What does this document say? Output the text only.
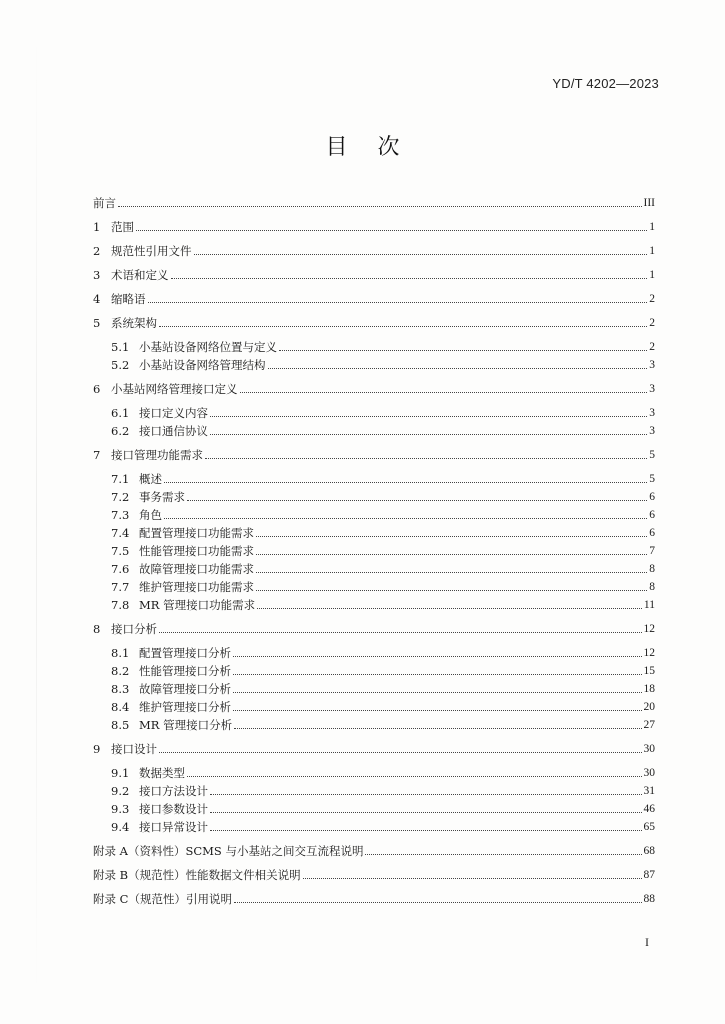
YD/T 4202—2023
目次
前言	III
1 范围	1
2 规范性引用文件	1
3 术语和定义	1
4 缩略语	2
5 系统架构	2
5.1 小基站设备网络位置与定义	2
5.2 小基站设备网络管理结构	3
6 小基站网络管理接口定义	3
6.1 接口定义内容	3
6.2 接口通信协议	3
7 接口管理功能需求	5
7.1 概述	5
7.2 事务需求	6
7.3 角色	6
7.4 配置管理接口功能需求	6
7.5 性能管理接口功能需求	7
7.6 故障管理接口功能需求	8
7.7 维护管理接口功能需求	8
7.8 MR 管理接口功能需求	11
8 接口分析	12
8.1 配置管理接口分析	12
8.2 性能管理接口分析	15
8.3 故障管理接口分析	18
8.4 维护管理接口分析	20
8.5 MR 管理接口分析	27
9 接口设计	30
9.1 数据类型	30
9.2 接口方法设计	31
9.3 接口参数设计	46
9.4 接口异常设计	65
附录 A（资料性）SCMS 与小基站之间交互流程说明	68
附录 B（规范性）性能数据文件相关说明	87
附录 C（规范性）引用说明	88
I
